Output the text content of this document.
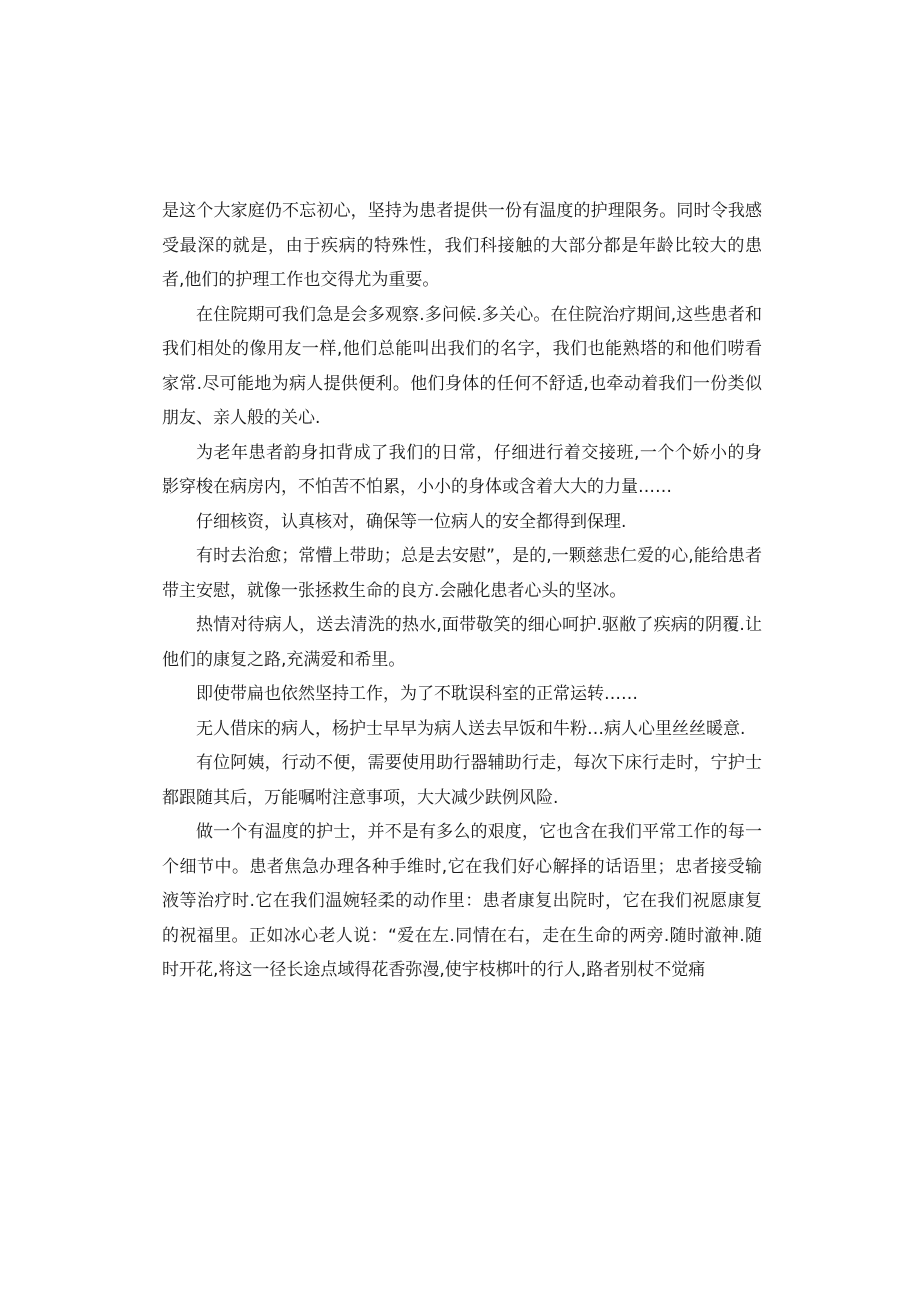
是这个大家庭仍不忘初心，坚持为患者提供一份有温度的护理限务。同时令我感受最深的就是，由于疾病的特殊性，我们科接触的大部分都是年龄比较大的患者,他们的护理工作也交得尤为重要。

在住院期可我们急是会多观察.多问候.多关心。在住院治疗期间,这些患者和我们相处的像用友一样,他们总能叫出我们的名字，我们也能熟塔的和他们唠看家常.尽可能地为病人提供便利。他们身体的任何不舒适,也牵动着我们一份类似朋友、亲人般的关心.

为老年患者韵身扣背成了我们的日常，仔细进行着交接班,一个个娇小的身影穿梭在病房内，不怕苦不怕累，小小的身体或含着大大的力量……

仔细核资，认真核对，确保等一位病人的安全都得到保理.

有时去治愈；常懵上带助；总是去安慰”，是的,一颗慈悲仁爱的心,能给患者带主安慰，就像一张拯救生命的良方.会融化患者心头的坚冰。

热情对待病人，送去清洗的热水,面带敬笑的细心呵护.驱敝了疾病的阴覆.让他们的康复之路,充满爱和希里。

即使带扁也依然坚持工作，为了不耽误科室的正常运转……

无人借床的病人，杨护士早早为病人送去早饭和牛粉…病人心里丝丝暖意.

有位阿姨，行动不便，需要使用助行器辅助行走，每次下床行走时，宁护士都跟随其后，万能嘱咐注意事项，大大减少趺例风险.

做一个有温度的护士，并不是有多么的艰度，它也含在我们平常工作的每一个细节中。患者焦急办理各种手维时,它在我们好心解择的话语里；忠者接受输液等治疗时.它在我们温婉轻柔的动作里：患者康复出院时，它在我们祝愿康复的祝福里。正如冰心老人说：“爱在左.同情在右，走在生命的两旁.随时澈神.随时开花,将这一径长途点域得花香弥漫,使宇枝梆叶的行人,路者别杖不觉痛
